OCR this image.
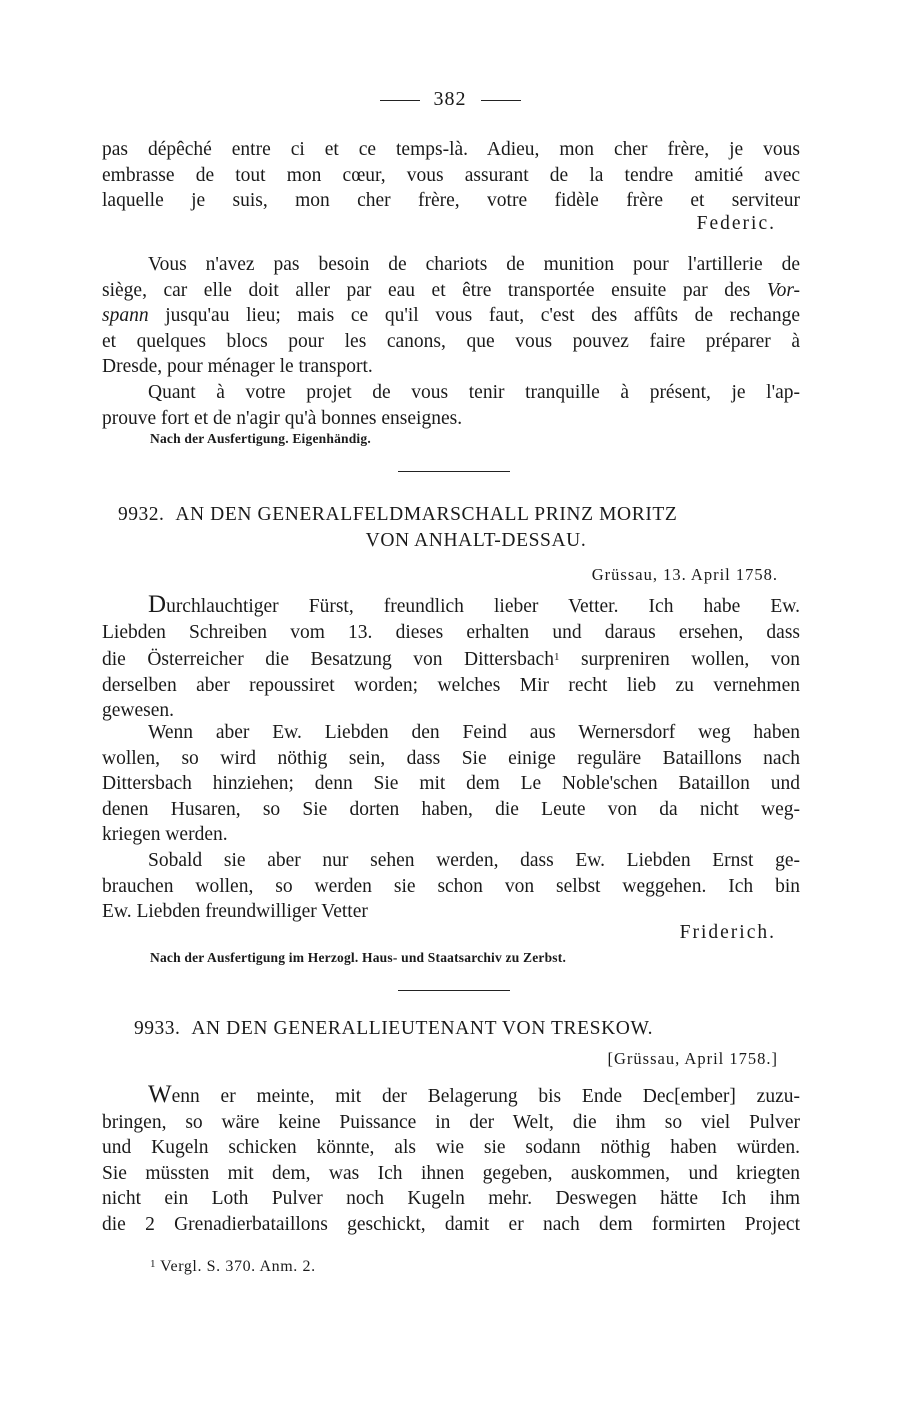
382
pas dépêché entre ci et ce temps-là. Adieu, mon cher frère, je vous
embrasse de tout mon cœur, vous assurant de la tendre amitié avec
laquelle je suis, mon cher frère, votre fidèle frère et serviteur
Federic.
Vous n'avez pas besoin de chariots de munition pour l'artillerie de
siège, car elle doit aller par eau et être transportée ensuite par des Vor-
spann jusqu'au lieu; mais ce qu'il vous faut, c'est des affûts de rechange
et quelques blocs pour les canons, que vous pouvez faire préparer à
Dresde, pour ménager le transport.
Quant à votre projet de vous tenir tranquille à présent, je l'ap-
prouve fort et de n'agir qu'à bonnes enseignes.
Nach der Ausfertigung. Eigenhändig.
9932. AN DEN GENERALFELDMARSCHALL PRINZ MORITZ
VON ANHALT-DESSAU.
Grüssau, 13. April 1758.
Durchlauchtiger Fürst, freundlich lieber Vetter. Ich habe Ew.
Liebden Schreiben vom 13. dieses erhalten und daraus ersehen, dass
die Österreicher die Besatzung von Dittersbach$^1$ surpreniren wollen, von
derselben aber repoussiret worden; welches Mir recht lieb zu vernehmen
gewesen.
Wenn aber Ew. Liebden den Feind aus Wernersdorf weg haben
wollen, so wird nöthig sein, dass Sie einige reguläre Bataillons nach
Dittersbach hinziehen; denn Sie mit dem Le Noble'schen Bataillon und
denen Husaren, so Sie dorten haben, die Leute von da nicht weg-
kriegen werden.
Sobald sie aber nur sehen werden, dass Ew. Liebden Ernst ge-
brauchen wollen, so werden sie schon von selbst weggehen. Ich bin
Ew. Liebden freundwilliger Vetter
Friderich.
Nach der Ausfertigung im Herzogl. Haus- und Staatsarchiv zu Zerbst.
9933. AN DEN GENERALLIEUTENANT VON TRESKOW.
[Grüssau, April 1758.]
Wenn er meinte, mit der Belagerung bis Ende Dec[ember] zuzu-
bringen, so wäre keine Puissance in der Welt, die ihm so viel Pulver
und Kugeln schicken könnte, als wie sie sodann nöthig haben würden.
Sie müssten mit dem, was Ich ihnen gegeben, auskommen, und kriegten
nicht ein Loth Pulver noch Kugeln mehr. Deswegen hätte Ich ihm
die 2 Grenadierbataillons geschickt, damit er nach dem formirten Project
$^1$ Vergl. S. 370. Anm. 2.
